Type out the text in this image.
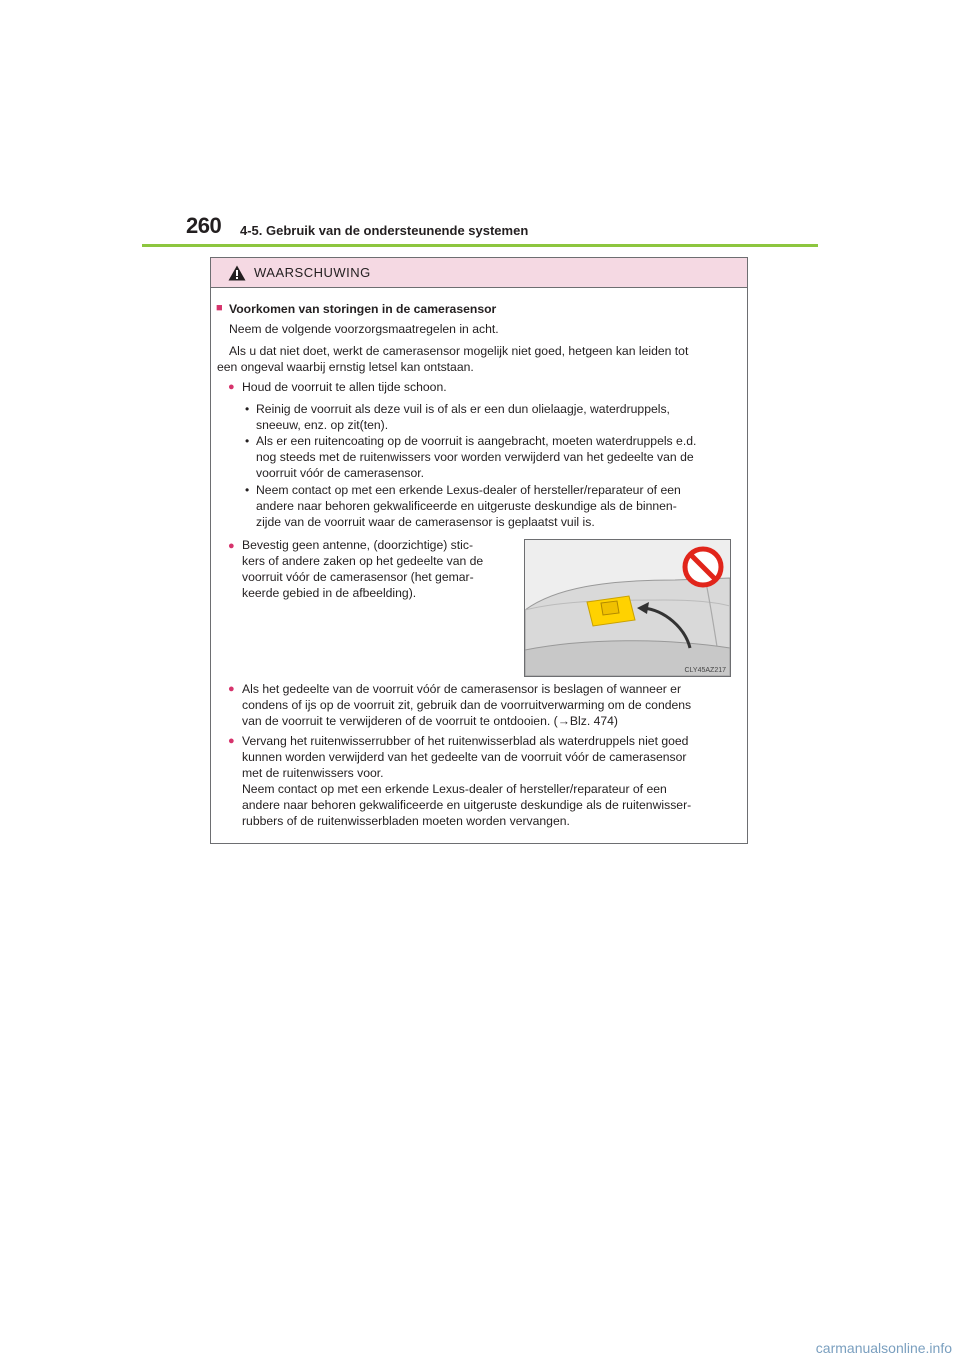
260 4-5. Gebruik van de ondersteunende systemen
WAARSCHUWING
■ Voorkomen van storingen in de camerasensor
Neem de volgende voorzorgsmaatregelen in acht.
Als u dat niet doet, werkt de camerasensor mogelijk niet goed, hetgeen kan leiden tot
een ongeval waarbij ernstig letsel kan ontstaan.
● Houd de voorruit te allen tijde schoon.
• Reinig de voorruit als deze vuil is of als er een dun olielaagje, waterdruppels,
sneeuw, enz. op zit(ten).
• Als er een ruitencoating op de voorruit is aangebracht, moeten waterdruppels e.d.
nog steeds met de ruitenwissers voor worden verwijderd van het gedeelte van de
voorruit vóór de camerasensor.
• Neem contact op met een erkende Lexus-dealer of hersteller/reparateur of een
andere naar behoren gekwalificeerde en uitgeruste deskundige als de binnen-
zijde van de voorruit waar de camerasensor is geplaatst vuil is.
● Bevestig geen antenne, (doorzichtige) stic-
kers of andere zaken op het gedeelte van de
voorruit vóór de camerasensor (het gemar-
keerde gebied in de afbeelding).
● Als het gedeelte van de voorruit vóór de camerasensor is beslagen of wanneer er
condens of ijs op de voorruit zit, gebruik dan de voorruitverwarming om de condens
van de voorruit te verwijderen of de voorruit te ontdooien. (→Blz. 474)
● Vervang het ruitenwisserrubber of het ruitenwisserblad als waterdruppels niet goed
kunnen worden verwijderd van het gedeelte van de voorruit vóór de camerasensor
met de ruitenwissers voor.
Neem contact op met een erkende Lexus-dealer of hersteller/reparateur of een
andere naar behoren gekwalificeerde en uitgeruste deskundige als de ruitenwisser-
rubbers of de ruitenwisserbladen moeten worden vervangen.
CLY45AZ217
carmanualsonline.info
